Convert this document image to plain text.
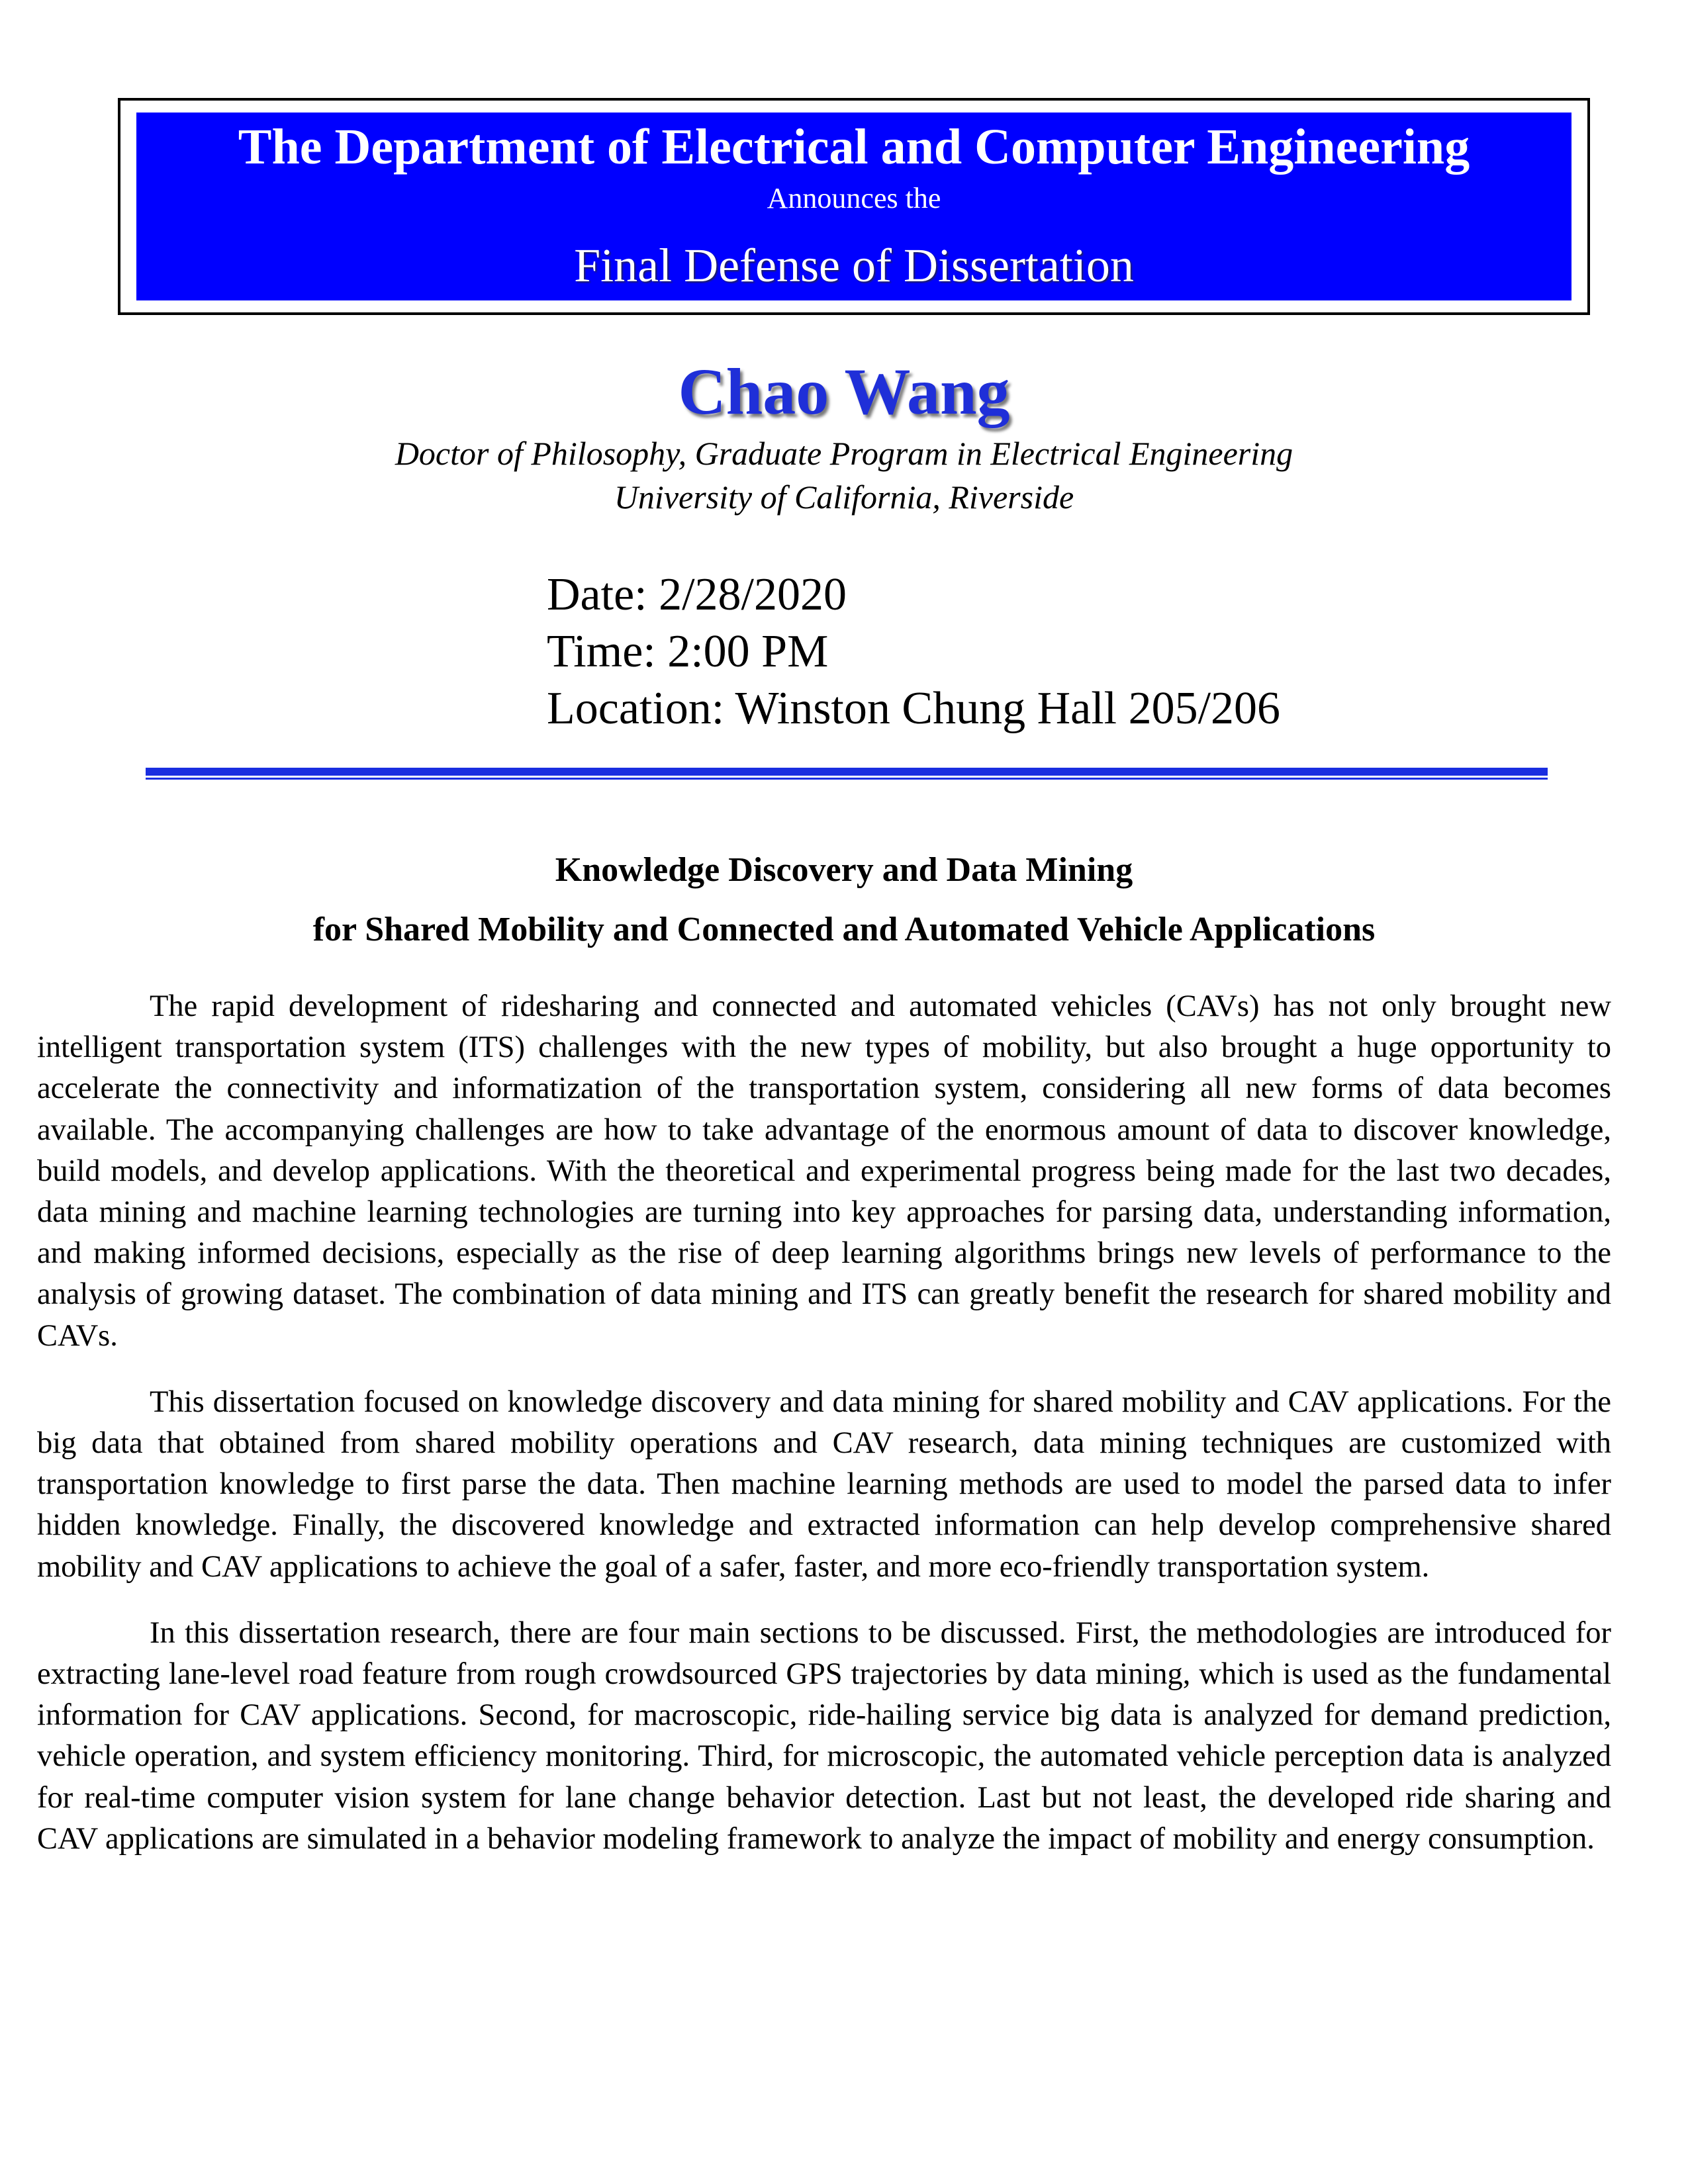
The Department of Electrical and Computer Engineering
Announces the
Final Defense of Dissertation
Chao Wang
Doctor of Philosophy, Graduate Program in Electrical Engineering
University of California, Riverside
Date: 2/28/2020
Time: 2:00 PM
Location: Winston Chung Hall 205/206
Knowledge Discovery and Data Mining
for Shared Mobility and Connected and Automated Vehicle Applications

The rapid development of ridesharing and connected and automated vehicles (CAVs) has not only brought new intelligent transportation system (ITS) challenges with the new types of mobility, but also brought a huge opportunity to accelerate the connectivity and informatization of the transportation system, considering all new forms of data becomes available. The accompanying challenges are how to take advantage of the enormous amount of data to discover knowledge, build models, and develop applications. With the theoretical and experimental progress being made for the last two decades, data mining and machine learning technologies are turning into key approaches for parsing data, understanding information, and making informed decisions, especially as the rise of deep learning algorithms brings new levels of performance to the analysis of growing dataset. The combination of data mining and ITS can greatly benefit the research for shared mobility and CAVs.

This dissertation focused on knowledge discovery and data mining for shared mobility and CAV applications. For the big data that obtained from shared mobility operations and CAV research, data mining techniques are customized with transportation knowledge to first parse the data. Then machine learning methods are used to model the parsed data to infer hidden knowledge. Finally, the discovered knowledge and extracted information can help develop comprehensive shared mobility and CAV applications to achieve the goal of a safer, faster, and more eco-friendly transportation system.

In this dissertation research, there are four main sections to be discussed. First, the methodologies are introduced for extracting lane-level road feature from rough crowdsourced GPS trajectories by data mining, which is used as the fundamental information for CAV applications. Second, for macroscopic, ride-hailing service big data is analyzed for demand prediction, vehicle operation, and system efficiency monitoring. Third, for microscopic, the automated vehicle perception data is analyzed for real-time computer vision system for lane change behavior detection. Last but not least, the developed ride sharing and CAV applications are simulated in a behavior modeling framework to analyze the impact of mobility and energy consumption.
